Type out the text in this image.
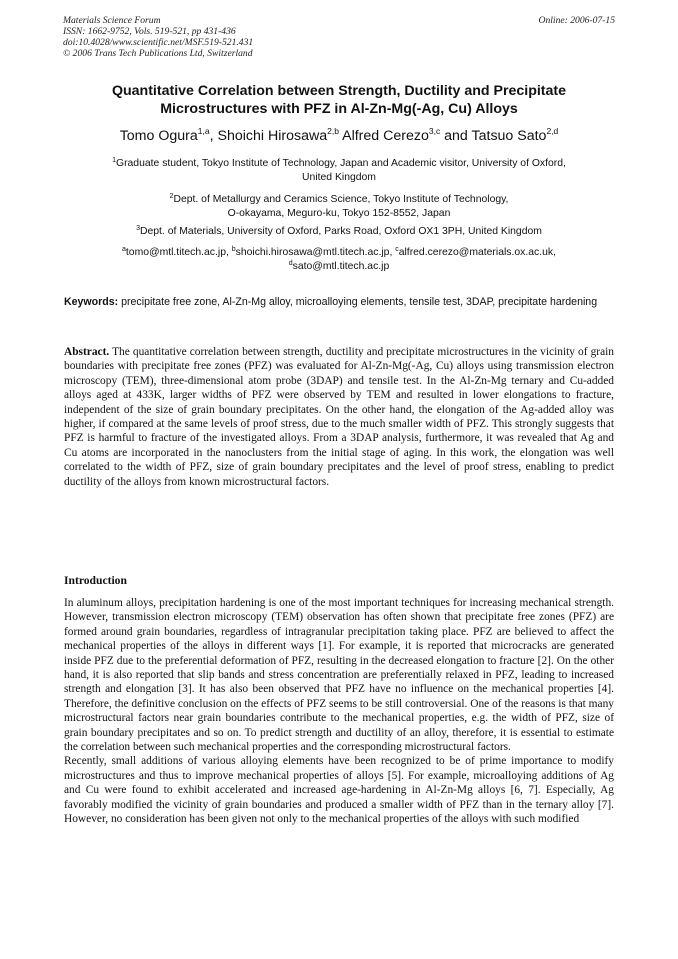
Materials Science Forum
ISSN: 1662-9752, Vols. 519-521, pp 431-436
doi:10.4028/www.scientific.net/MSF.519-521.431
© 2006 Trans Tech Publications Ltd, Switzerland
Online: 2006-07-15
Quantitative Correlation between Strength, Ductility and Precipitate
Microstructures with PFZ in Al-Zn-Mg(-Ag, Cu) Alloys
Tomo Ogura$^{1,a}$, Shoichi Hirosawa$^{2,b}$ Alfred Cerezo$^{3,c}$ and Tatsuo Sato$^{2,d}$
$^1$Graduate student, Tokyo Institute of Technology, Japan and Academic visitor, University of Oxford,
United Kingdom
$^2$Dept. of Metallurgy and Ceramics Science, Tokyo Institute of Technology,
O-okayama, Meguro-ku, Tokyo 152-8552, Japan
$^3$Dept. of Materials, University of Oxford, Parks Road, Oxford OX1 3PH, United Kingdom
$^a$tomo@mtl.titech.ac.jp, $^b$shoichi.hirosawa@mtl.titech.ac.jp, $^c$alfred.cerezo@materials.ox.ac.uk,
$^d$sato@mtl.titech.ac.jp
Keywords: precipitate free zone, Al-Zn-Mg alloy, microalloying elements, tensile test, 3DAP, precipitate hardening

Abstract. The quantitative correlation between strength, ductility and precipitate microstructures in the vicinity of grain boundaries with precipitate free zones (PFZ) was evaluated for Al-Zn-Mg(-Ag, Cu) alloys using transmission electron microscopy (TEM), three-dimensional atom probe (3DAP) and tensile test. In the Al-Zn-Mg ternary and Cu-added alloys aged at 433K, larger widths of PFZ were observed by TEM and resulted in lower elongations to fracture, independent of the size of grain boundary precipitates. On the other hand, the elongation of the Ag-added alloy was higher, if compared at the same levels of proof stress, due to the much smaller width of PFZ. This strongly suggests that PFZ is harmful to fracture of the investigated alloys. From a 3DAP analysis, furthermore, it was revealed that Ag and Cu atoms are incorporated in the nanoclusters from the initial stage of aging. In this work, the elongation was well correlated to the width of PFZ, size of grain boundary precipitates and the level of proof stress, enabling to predict ductility of the alloys from known microstructural factors.

Introduction

In aluminum alloys, precipitation hardening is one of the most important techniques for increasing mechanical strength. However, transmission electron microscopy (TEM) observation has often shown that precipitate free zones (PFZ) are formed around grain boundaries, regardless of intragranular precipitation taking place. PFZ are believed to affect the mechanical properties of the alloys in different ways [1]. For example, it is reported that microcracks are generated inside PFZ due to the preferential deformation of PFZ, resulting in the decreased elongation to fracture [2]. On the other hand, it is also reported that slip bands and stress concentration are preferentially relaxed in PFZ, leading to increased strength and elongation [3]. It has also been observed that PFZ have no influence on the mechanical properties [4]. Therefore, the definitive conclusion on the effects of PFZ seems to be still controversial. One of the reasons is that many microstructural factors near grain boundaries contribute to the mechanical properties, e.g. the width of PFZ, size of grain boundary precipitates and so on. To predict strength and ductility of an alloy, therefore, it is essential to estimate the correlation between such mechanical properties and the corresponding microstructural factors.

Recently, small additions of various alloying elements have been recognized to be of prime importance to modify microstructures and thus to improve mechanical properties of alloys [5]. For example, microalloying additions of Ag and Cu were found to exhibit accelerated and increased age-hardening in Al-Zn-Mg alloys [6, 7]. Especially, Ag favorably modified the vicinity of grain boundaries and produced a smaller width of PFZ than in the ternary alloy [7]. However, no consideration has been given not only to the mechanical properties of the alloys with such modified
